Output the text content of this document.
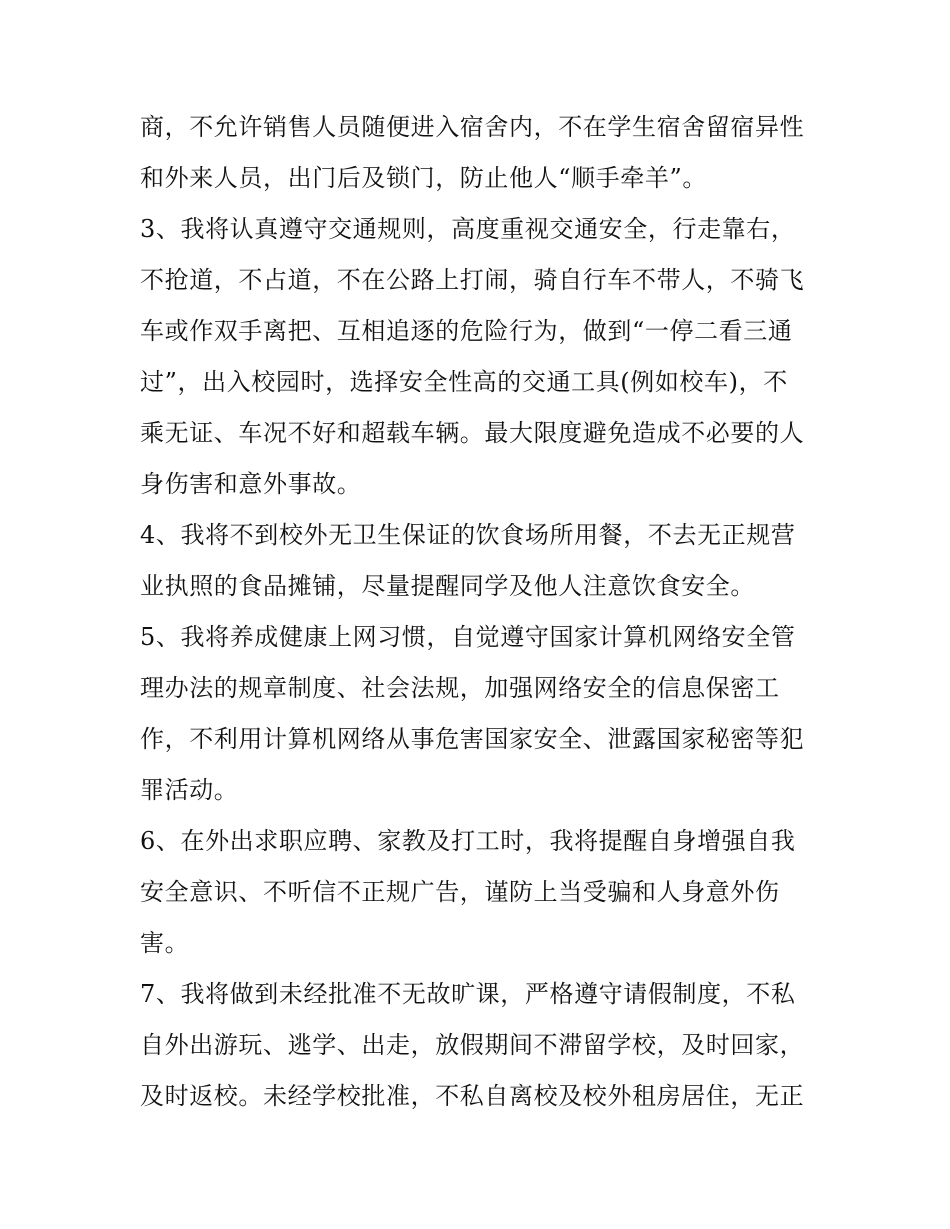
商，不允许销售人员随便进入宿舍内，不在学生宿舍留宿异性
和外来人员，出门后及锁门，防止他人“顺手牵羊”。
3、我将认真遵守交通规则，高度重视交通安全，行走靠右，
不抢道，不占道，不在公路上打闹，骑自行车不带人，不骑飞
车或作双手离把、互相追逐的危险行为，做到“一停二看三通
过”，出入校园时，选择安全性高的交通工具(例如校车)，不
乘无证、车况不好和超载车辆。最大限度避免造成不必要的人
身伤害和意外事故。
4、我将不到校外无卫生保证的饮食场所用餐，不去无正规营
业执照的食品摊铺，尽量提醒同学及他人注意饮食安全。
5、我将养成健康上网习惯，自觉遵守国家计算机网络安全管
理办法的规章制度、社会法规，加强网络安全的信息保密工
作，不利用计算机网络从事危害国家安全、泄露国家秘密等犯
罪活动。
6、在外出求职应聘、家教及打工时，我将提醒自身增强自我
安全意识、不听信不正规广告，谨防上当受骗和人身意外伤
害。
7、我将做到未经批准不无故旷课，严格遵守请假制度，不私
自外出游玩、逃学、出走，放假期间不滞留学校，及时回家，
及时返校。未经学校批准，不私自离校及校外租房居住，无正
